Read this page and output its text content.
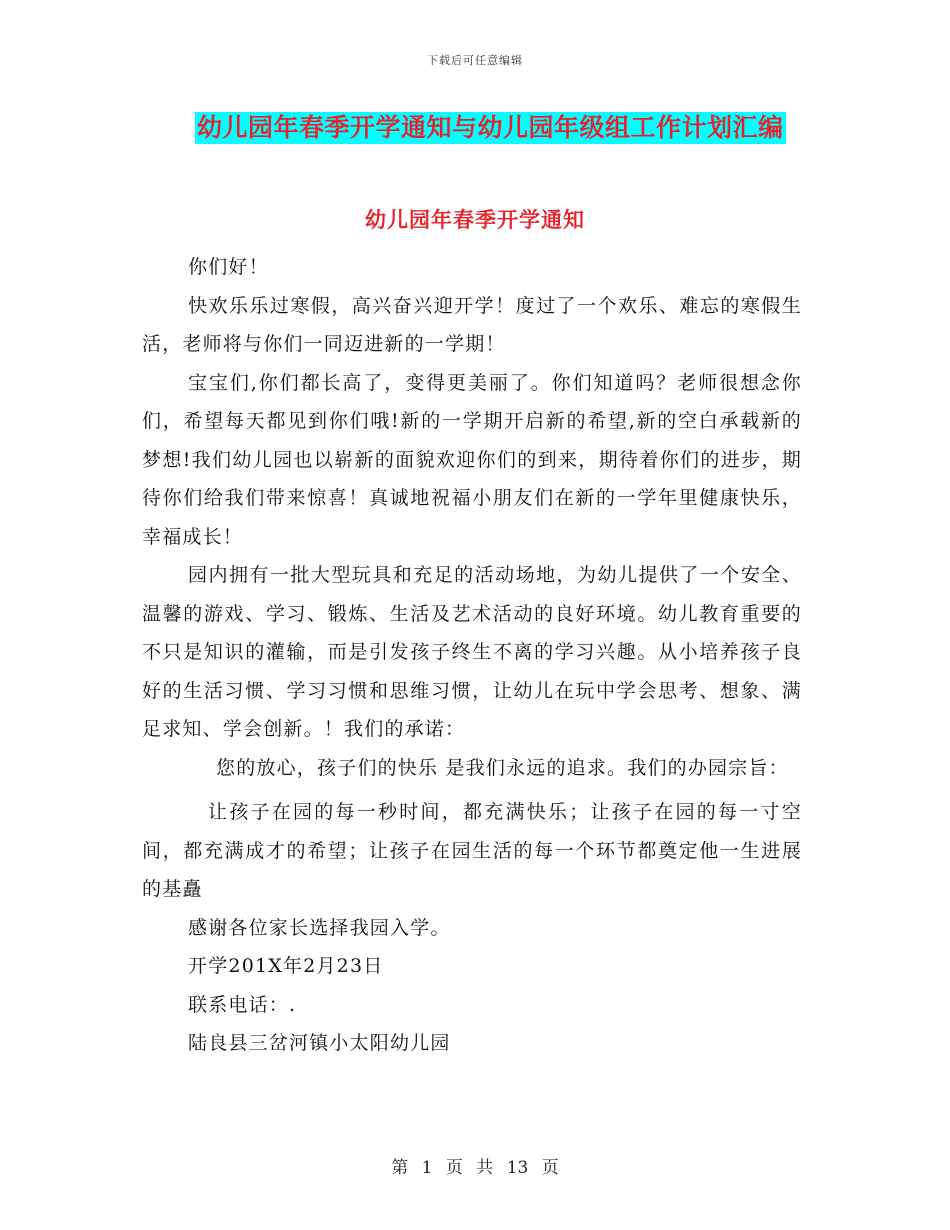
下载后可任意编辑
幼儿园年春季开学通知与幼儿园年级组工作计划汇编
幼儿园年春季开学通知

你们好！

快欢乐乐过寒假，高兴奋兴迎开学！度过了一个欢乐、难忘的寒假生活，老师将与你们一同迈进新的一学期！

宝宝们,你们都长高了，变得更美丽了。你们知道吗？老师很想念你们，希望每天都见到你们哦!新的一学期开启新的希望,新的空白承载新的梦想!我们幼儿园也以崭新的面貌欢迎你们的到来，期待着你们的进步，期待你们给我们带来惊喜！真诚地祝福小朋友们在新的一学年里健康快乐，幸福成长！

园内拥有一批大型玩具和充足的活动场地，为幼儿提供了一个安全、温馨的游戏、学习、锻炼、生活及艺术活动的良好环境。幼儿教育重要的不只是知识的灌输，而是引发孩子终生不离的学习兴趣。从小培养孩子良好的生活习惯、学习习惯和思维习惯，让幼儿在玩中学会思考、想象、满足求知、学会创新。！我们的承诺：

您的放心，孩子们的快乐 是我们永远的追求。我们的办园宗旨：

让孩子在园的每一秒时间，都充满快乐；让孩子在园的每一寸空间，都充满成才的希望；让孩子在园生活的每一个环节都奠定他一生进展的基矗

感谢各位家长选择我园入学。

开学201X年2月23日

联系电话：.

陆良县三岔河镇小太阳幼儿园

第 1 页 共 13 页
